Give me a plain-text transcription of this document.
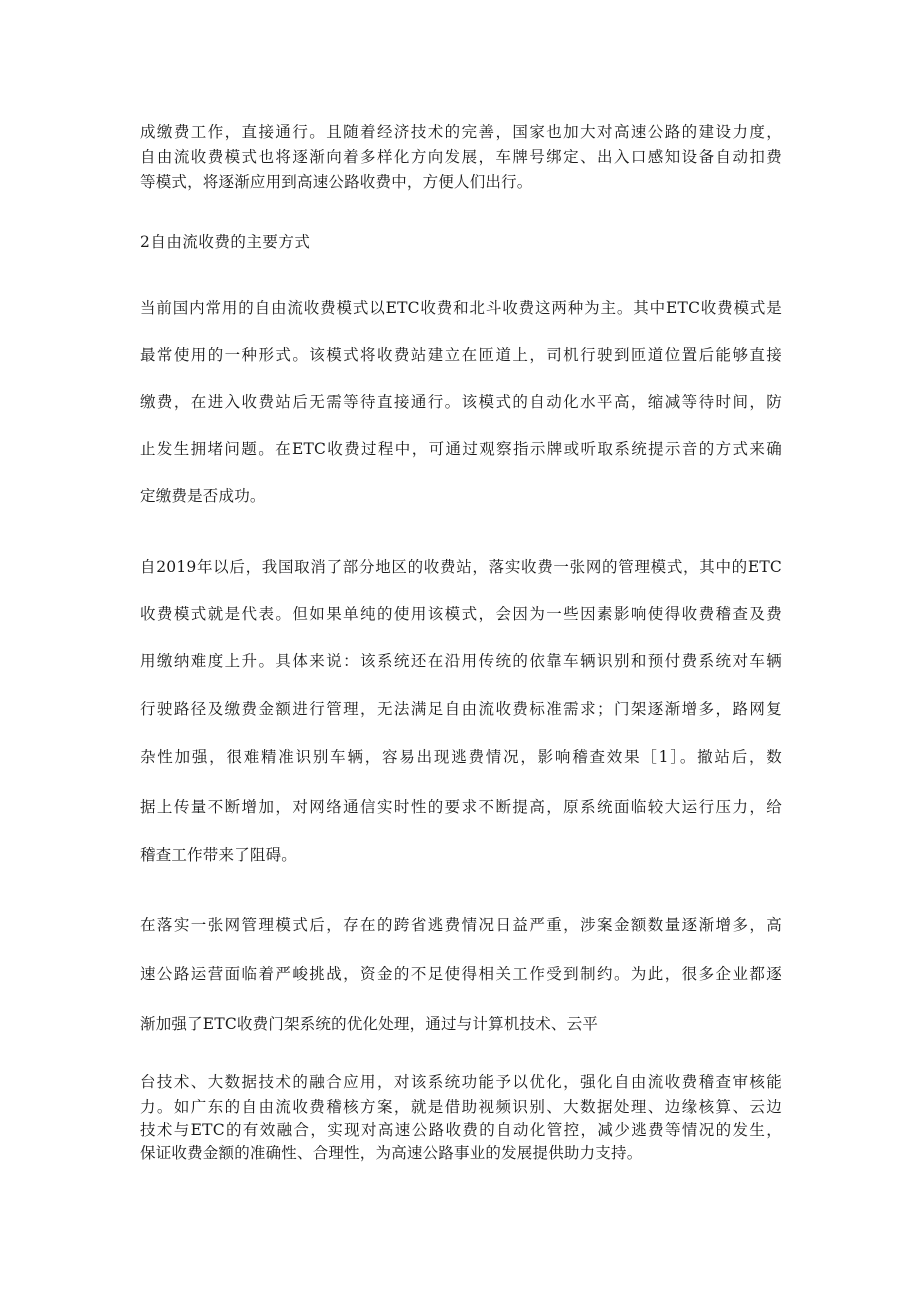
成缴费工作，直接通行。且随着经济技术的完善，国家也加大对高速公路的建设力度，
自由流收费模式也将逐渐向着多样化方向发展，车牌号绑定、出入口感知设备自动扣费
等模式，将逐渐应用到高速公路收费中，方便人们出行。
2自由流收费的主要方式
当前国内常用的自由流收费模式以ETC收费和北斗收费这两种为主。其中ETC收费模式是
最常使用的一种形式。该模式将收费站建立在匝道上，司机行驶到匝道位置后能够直接
缴费，在进入收费站后无需等待直接通行。该模式的自动化水平高，缩减等待时间，防
止发生拥堵问题。在ETC收费过程中，可通过观察指示牌或听取系统提示音的方式来确
定缴费是否成功。
自2019年以后，我国取消了部分地区的收费站，落实收费一张网的管理模式，其中的ETC
收费模式就是代表。但如果单纯的使用该模式，会因为一些因素影响使得收费稽查及费
用缴纳难度上升。具体来说：该系统还在沿用传统的依靠车辆识别和预付费系统对车辆
行驶路径及缴费金额进行管理，无法满足自由流收费标准需求；门架逐渐增多，路网复
杂性加强，很难精准识别车辆，容易出现逃费情况，影响稽查效果［1］。撤站后，数
据上传量不断增加，对网络通信实时性的要求不断提高，原系统面临较大运行压力，给
稽查工作带来了阻碍。
在落实一张网管理模式后，存在的跨省逃费情况日益严重，涉案金额数量逐渐增多，高
速公路运营面临着严峻挑战，资金的不足使得相关工作受到制约。为此，很多企业都逐
渐加强了ETC收费门架系统的优化处理，通过与计算机技术、云平
台技术、大数据技术的融合应用，对该系统功能予以优化，强化自由流收费稽查审核能
力。如广东的自由流收费稽核方案，就是借助视频识别、大数据处理、边缘核算、云边
技术与ETC的有效融合，实现对高速公路收费的自动化管控，减少逃费等情况的发生，
保证收费金额的准确性、合理性，为高速公路事业的发展提供助力支持。
